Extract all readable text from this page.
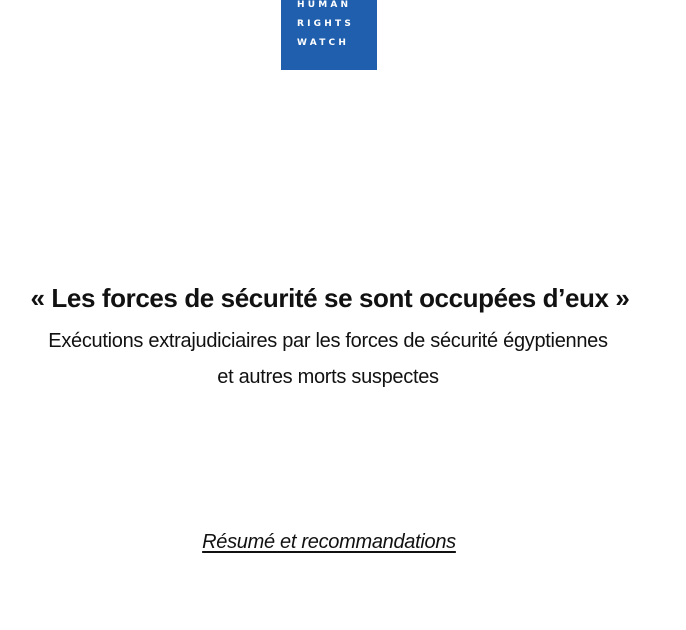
HUMAN
RIGHTS
WATCH
« Les forces de sécurité se sont occupées d’eux »

Exécutions extrajudiciaires par les forces de sécurité égyptiennes
et autres morts suspectes

Résumé et recommandations
